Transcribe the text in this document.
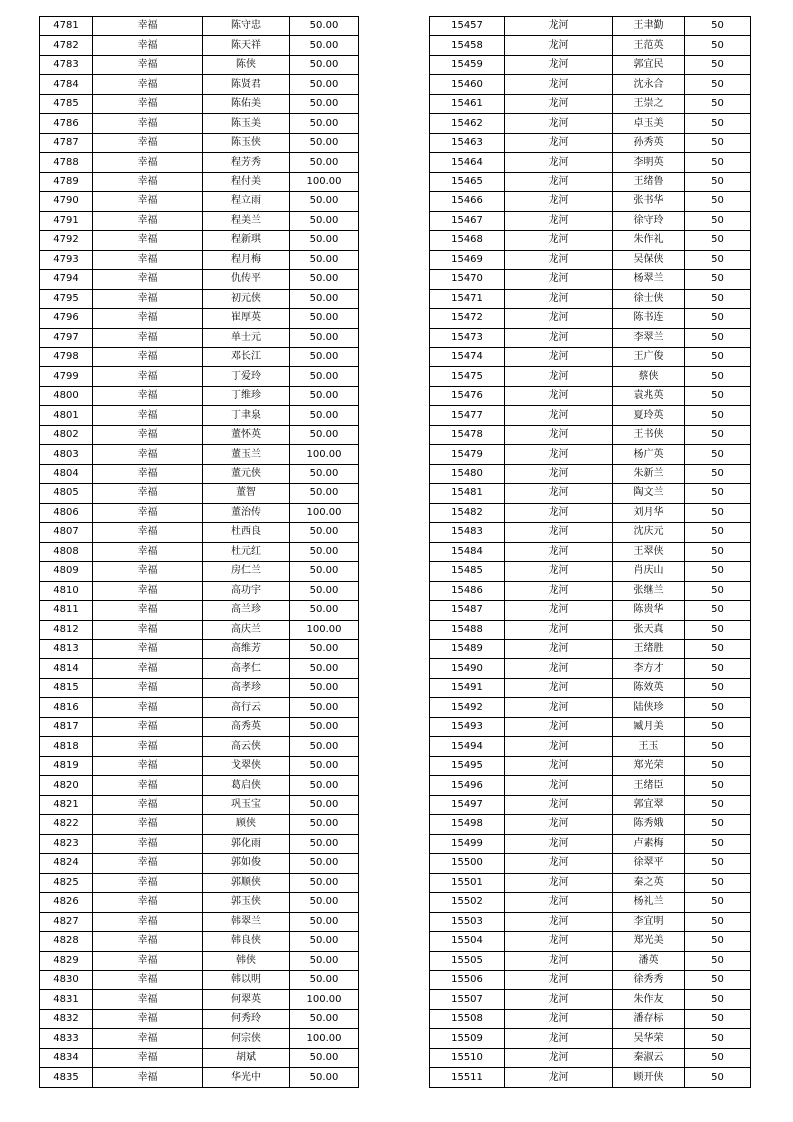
4781	幸福	陈守忠	50.00
4782	幸福	陈天祥	50.00
4783	幸福	陈侠	50.00
4784	幸福	陈贤君	50.00
4785	幸福	陈佑美	50.00
4786	幸福	陈玉美	50.00
4787	幸福	陈玉侠	50.00
4788	幸福	程芳秀	50.00
4789	幸福	程付美	100.00
4790	幸福	程立雨	50.00
4791	幸福	程美兰	50.00
4792	幸福	程新琪	50.00
4793	幸福	程月梅	50.00
4794	幸福	仇传平	50.00
4795	幸福	初元侠	50.00
4796	幸福	崔厚英	50.00
4797	幸福	单士元	50.00
4798	幸福	邓长江	50.00
4799	幸福	丁爱玲	50.00
4800	幸福	丁维珍	50.00
4801	幸福	丁聿泉	50.00
4802	幸福	董怀英	50.00
4803	幸福	董玉兰	100.00
4804	幸福	董元侠	50.00
4805	幸福	董智	50.00
4806	幸福	董治传	100.00
4807	幸福	杜西良	50.00
4808	幸福	杜元红	50.00
4809	幸福	房仁兰	50.00
4810	幸福	高功宇	50.00
4811	幸福	高兰珍	50.00
4812	幸福	高庆兰	100.00
4813	幸福	高维芳	50.00
4814	幸福	高孝仁	50.00
4815	幸福	高孝珍	50.00
4816	幸福	高行云	50.00
4817	幸福	高秀英	50.00
4818	幸福	高云侠	50.00
4819	幸福	戈翠侠	50.00
4820	幸福	葛启侠	50.00
4821	幸福	巩玉宝	50.00
4822	幸福	顾侠	50.00
4823	幸福	郭化雨	50.00
4824	幸福	郭如俊	50.00
4825	幸福	郭顺侠	50.00
4826	幸福	郭玉侠	50.00
4827	幸福	韩翠兰	50.00
4828	幸福	韩良侠	50.00
4829	幸福	韩侠	50.00
4830	幸福	韩以明	50.00
4831	幸福	何翠英	100.00
4832	幸福	何秀玲	50.00
4833	幸福	何宗侠	100.00
4834	幸福	胡斌	50.00
4835	幸福	华光中	50.00
15457	龙河	王聿勤	50
15458	龙河	王范英	50
15459	龙河	郭宜民	50
15460	龙河	沈永合	50
15461	龙河	王崇之	50
15462	龙河	卓玉美	50
15463	龙河	孙秀英	50
15464	龙河	李明英	50
15465	龙河	王绪鲁	50
15466	龙河	张书华	50
15467	龙河	徐守玲	50
15468	龙河	朱作礼	50
15469	龙河	吴保侠	50
15470	龙河	杨翠兰	50
15471	龙河	徐士侠	50
15472	龙河	陈书连	50
15473	龙河	李翠兰	50
15474	龙河	王广俊	50
15475	龙河	蔡侠	50
15476	龙河	袁兆英	50
15477	龙河	夏玲英	50
15478	龙河	王书侠	50
15479	龙河	杨广英	50
15480	龙河	朱新兰	50
15481	龙河	陶文兰	50
15482	龙河	刘月华	50
15483	龙河	沈庆元	50
15484	龙河	王翠侠	50
15485	龙河	肖庆山	50
15486	龙河	张继兰	50
15487	龙河	陈贵华	50
15488	龙河	张天真	50
15489	龙河	王绪胜	50
15490	龙河	李方才	50
15491	龙河	陈效英	50
15492	龙河	陆侠珍	50
15493	龙河	臧月美	50
15494	龙河	王玉	50
15495	龙河	郑光荣	50
15496	龙河	王绪臣	50
15497	龙河	郭宜翠	50
15498	龙河	陈秀娥	50
15499	龙河	卢素梅	50
15500	龙河	徐翠平	50
15501	龙河	秦之英	50
15502	龙河	杨礼兰	50
15503	龙河	李宜明	50
15504	龙河	郑光美	50
15505	龙河	潘英	50
15506	龙河	徐秀秀	50
15507	龙河	朱作友	50
15508	龙河	潘存标	50
15509	龙河	吴华荣	50
15510	龙河	秦淑云	50
15511	龙河	顾开侠	50
